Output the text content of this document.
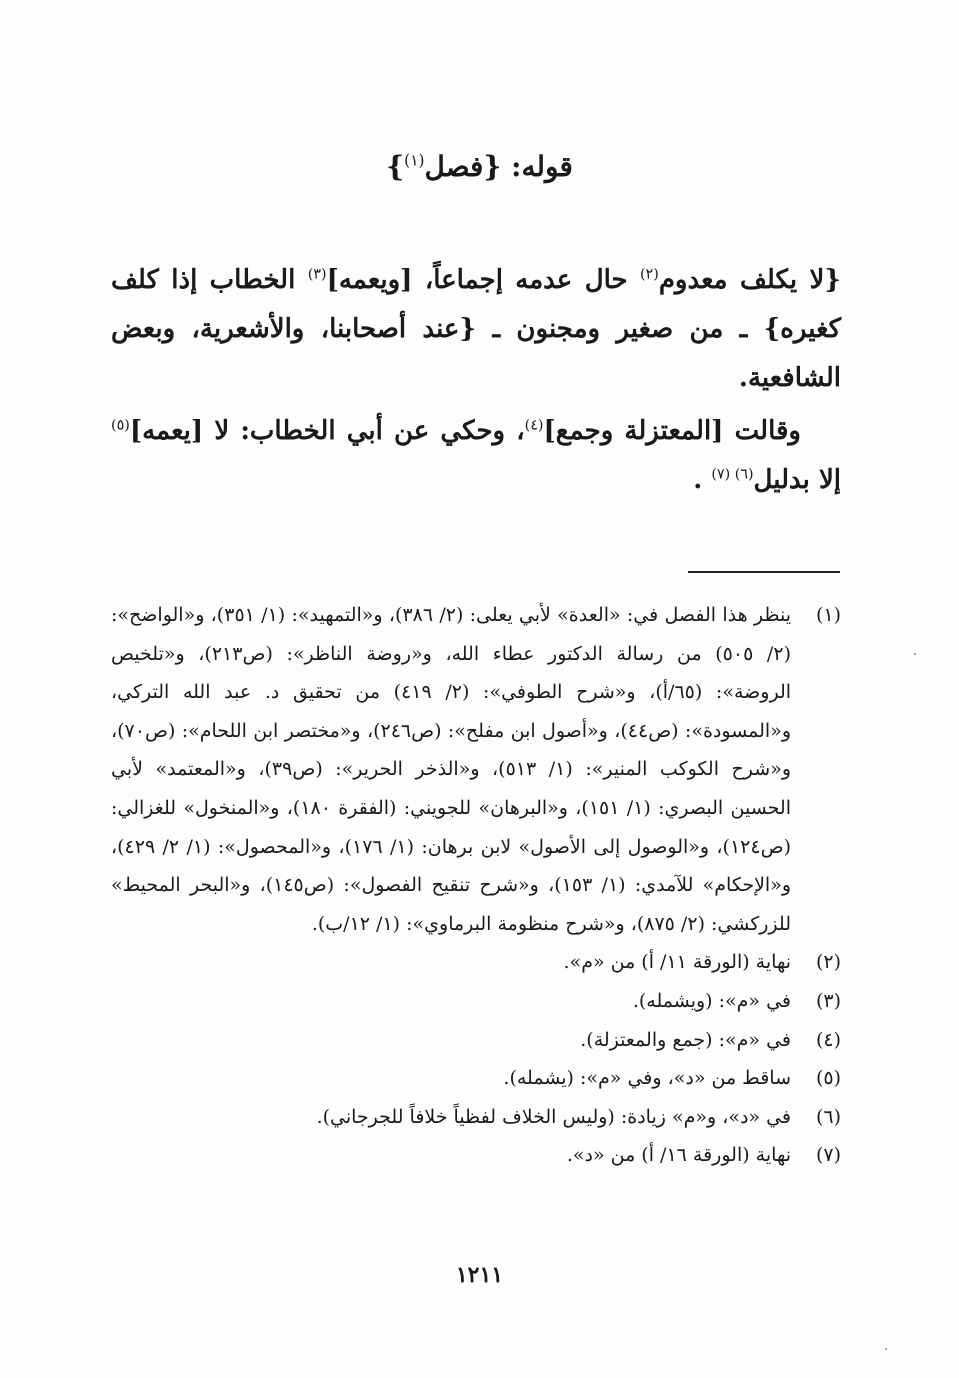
قوله: {فصل$^{(١)}$}

{لا يكلف معدوم$^{(٢)}$ حال عدمه إجماعاً، [ويعمه]$^{(٣)}$ الخطاب إذا كلف كغيره} ـ من صغير ومجنون ـ {عند أصحابنا، والأشعرية، وبعض الشافعية.

وقالت [المعتزلة وجمع]$^{(٤)}$، وحكي عن أبي الخطاب: لا [يعمه]$^{(٥)}$ إلا بدليل$^{(٦) (٧)}$ .

(١)
ينظر هذا الفصل في: «العدة» لأبي يعلى: (٢/ ٣٨٦)، و«التمهيد»: (١/ ٣٥١)، و«الواضح»: (٢/ ٥٠٥) من رسالة الدكتور عطاء الله، و«روضة الناظر»: (ص٢١٣)، و«تلخيص الروضة»: (٦٥/أ)، و«شرح الطوفي»: (٢/ ٤١٩) من تحقيق د. عبد الله التركي، و«المسودة»: (ص٤٤)، و«أصول ابن مفلح»: (ص٢٤٦)، و«مختصر ابن اللحام»: (ص٧٠)، و«شرح الكوكب المنير»: (١/ ٥١٣)، و«الذخر الحرير»: (ص٣٩)، و«المعتمد» لأبي الحسين البصري: (١/ ١٥١)، و«البرهان» للجويني: (الفقرة ١٨٠)، و«المنخول» للغزالي: (ص١٢٤)، و«الوصول إلى الأصول» لابن برهان: (١/ ١٧٦)، و«المحصول»: (١/ ٢/ ٤٢٩)، و«الإحكام» للآمدي: (١/ ١٥٣)، و«شرح تنقيح الفصول»: (ص١٤٥)، و«البحر المحيط» للزركشي: (٢/ ٨٧٥)، و«شرح منظومة البرماوي»: (١/ ١٢/ب).
(٢)
نهاية (الورقة ١١/ أ) من «م».
(٣)
في «م»: (ويشمله).
(٤)
في «م»: (جمع والمعتزلة).
(٥)
ساقط من «د»، وفي «م»: (يشمله).
(٦)
في «د»، و«م» زيادة: (وليس الخلاف لفظياً خلافاً للجرجاني).
(٧)
نهاية (الورقة ١٦/ أ) من «د».
١٢١١
